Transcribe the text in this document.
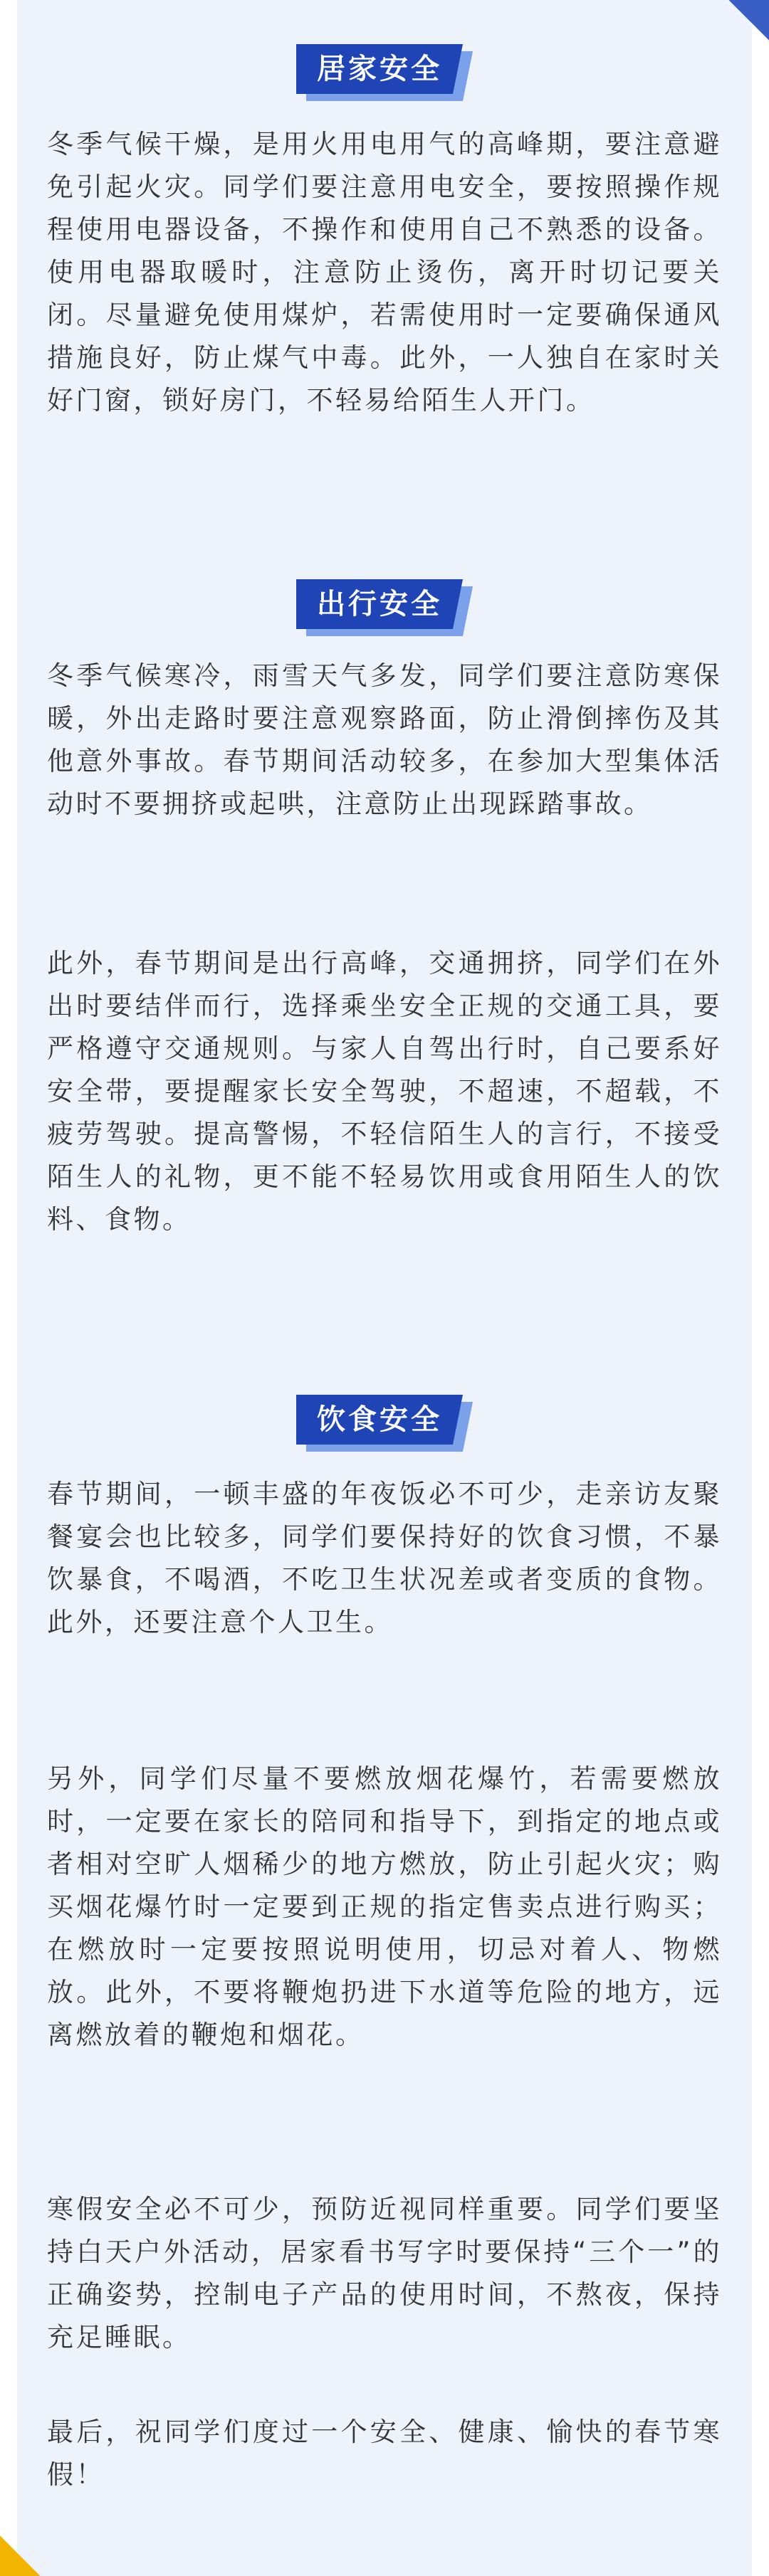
居家安全

冬季气候干燥，是用火用电用气的高峰期，要注意避免引起火灾。同学们要注意用电安全，要按照操作规程使用电器设备，不操作和使用自己不熟悉的设备。使用电器取暖时，注意防止烫伤，离开时切记要关闭。尽量避免使用煤炉，若需使用时一定要确保通风措施良好，防止煤气中毒。此外，一人独自在家时关好门窗，锁好房门，不轻易给陌生人开门。

出行安全

冬季气候寒冷，雨雪天气多发，同学们要注意防寒保暖，外出走路时要注意观察路面，防止滑倒摔伤及其他意外事故。春节期间活动较多，在参加大型集体活动时不要拥挤或起哄，注意防止出现踩踏事故。

此外，春节期间是出行高峰，交通拥挤，同学们在外出时要结伴而行，选择乘坐安全正规的交通工具，要严格遵守交通规则。与家人自驾出行时，自己要系好安全带，要提醒家长安全驾驶，不超速，不超载，不疲劳驾驶。提高警惕，不轻信陌生人的言行，不接受陌生人的礼物，更不能不轻易饮用或食用陌生人的饮料、食物。

饮食安全

春节期间，一顿丰盛的年夜饭必不可少，走亲访友聚餐宴会也比较多，同学们要保持好的饮食习惯，不暴饮暴食，不喝酒，不吃卫生状况差或者变质的食物。此外，还要注意个人卫生。

另外，同学们尽量不要燃放烟花爆竹，若需要燃放时，一定要在家长的陪同和指导下，到指定的地点或者相对空旷人烟稀少的地方燃放，防止引起火灾；购买烟花爆竹时一定要到正规的指定售卖点进行购买；在燃放时一定要按照说明使用，切忌对着人、物燃放。此外，不要将鞭炮扔进下水道等危险的地方，远离燃放着的鞭炮和烟花。

寒假安全必不可少，预防近视同样重要。同学们要坚持白天户外活动，居家看书写字时要保持“三个一”的正确姿势，控制电子产品的使用时间，不熬夜，保持充足睡眠。

最后，祝同学们度过一个安全、健康、愉快的春节寒假！
